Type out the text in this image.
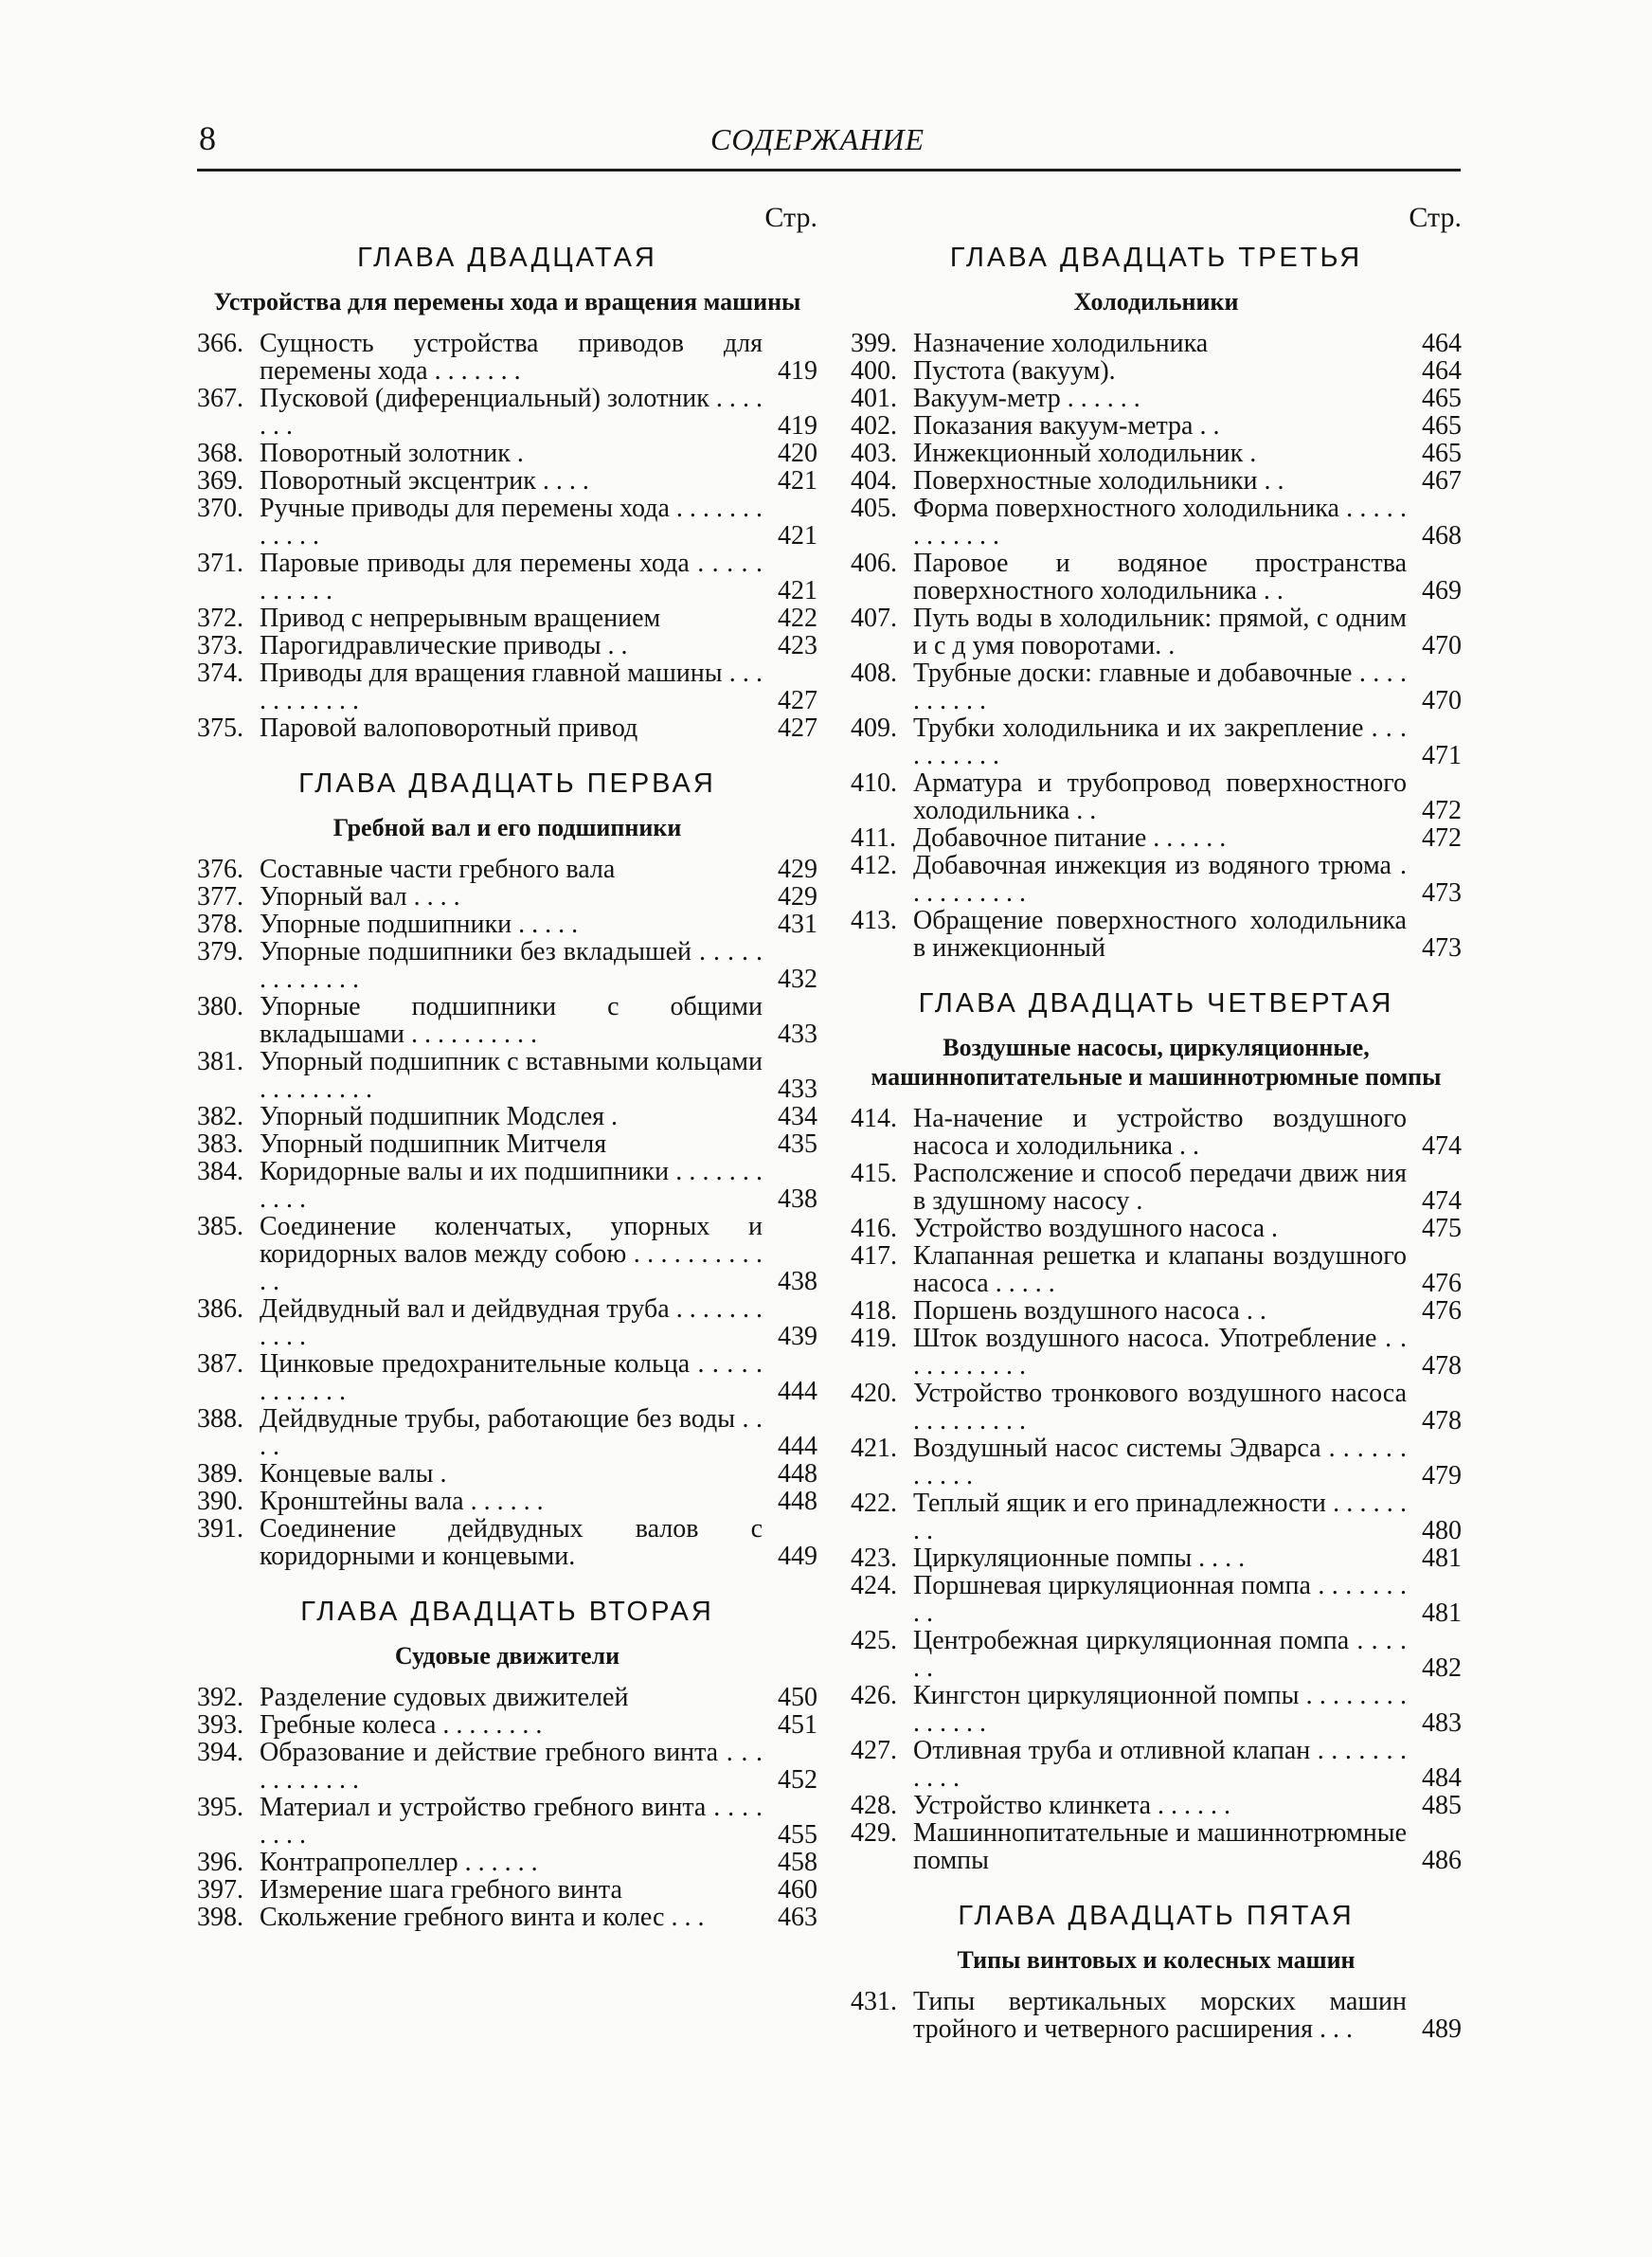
8	СОДЕРЖАНИЕ
Стр.
ГЛАВА ДВАДЦАТАЯ
Устройства для перемены хода и вращения машины
366. Сущность устройства приводов для перемены хода . . . . . . .	419
367. Пусковой (диференциальный) золотник . . . . . . .	419
368. Поворотный золотник .	420
369. Поворотный эксцентрик . . . .	421
370. Ручные приводы для перемены хода . . . . . . . . . . . .	421
371. Паровые приводы для перемены хода . . . . . . . . . . .	421
372. Привод с непрерывным вращением	422
373. Парогидравлические приводы . .	423
374. Приводы для вращения главной машины . . . . . . . . . . .	427
375. Паровой валоповоротный привод	427
ГЛАВА ДВАДЦАТЬ ПЕРВАЯ
Гребной вал и его подшипники
376. Составные части гребного вала	429
377. Упорный вал . . . .	429
378. Упорные подшипники . . . . .	431
379. Упорные подшипники без вкладышей . . . . . . . . . . . . .	432
380. Упорные подшипники с общими вкладышами . . . . . . . . . .	433
381. Упорный подшипник с вставными кольцами . . . . . . . . .	433
382. Упорный подшипник Модслея .	434
383. Упорный подшипник Митчеля	435
384. Коридорные валы и их подшипники . . . . . . . . . . .	438
385. Соединение коленчатых, упорных и коридорных валов между собою . . . . . . . . . . . .	438
386. Дейдвудный вал и дейдвудная труба . . . . . . . . . . .	439
387. Цинковые предохранительные кольца . . . . . . . . . . . .	444
388. Дейдвудные трубы, работающие без воды . . . .	444
389. Концевые валы .	448
390. Кронштейны вала . . . . . .	448
391. Соединение дейдвудных валов с коридорными и концевыми.	449
ГЛАВА ДВАДЦАТЬ ВТОРАЯ
Судовые движители
392. Разделение судовых движителей	450
393. Гребные колеса . . . . . . . .	451
394. Образование и действие гребного винта . . . . . . . . . . .	452
395. Материал и устройство гребного винта . . . . . . . .	455
396. Контрапропеллер . . . . . .	458
397. Измерение шага гребного винта	460
398. Скольжение гребного винта и колес . . .	463
Стр.
ГЛАВА ДВАДЦАТЬ ТРЕТЬЯ
Холодильники
399. Назначение холодильника	464
400. Пустота (вакуум).	464
401. Вакуум-метр . . . . . .	465
402. Показания вакуум-метра . .	465
403. Инжекционный холодильник .	465
404. Поверхностные холодильники . .	467
405. Форма поверхностного холодильника . . . . . . . . . . . .	468
406. Паровое и водяное пространства поверхностного холодильника . .	469
407. Путь воды в холодильник: прямой, с одним и с д умя поворотами. .	470
408. Трубные доски: главные и добавочные . . . . . . . . . .	470
409. Трубки холодильника и их закрепление . . . . . . . . . .	471
410. Арматура и трубопровод поверхностного холодильника . .	472
411. Добавочное питание . . . . . .	472
412. Добавочная инжекция из водяного трюма . . . . . . . . . .	473
413. Обращение поверхностного холодильника в инжекционный	473
ГЛАВА ДВАДЦАТЬ ЧЕТВЕРТАЯ
Воздушные насосы, циркуляционные, машиннопитательные и машиннотрюмные помпы
414. На-начение и устройство воздушного насоса и холодильника . .	474
415. Располсжение и способ передачи движ ния в здушному насосу .	474
416. Устройство воздушного насоса .	475
417. Клапанная решетка и клапаны воздушного насоса . . . . .	476
418. Поршень воздушного насоса . .	476
419. Шток воздушного насоса. Употребление . . . . . . . . . . .	478
420. Устройство тронкового воздушного насоса . . . . . . . . .	478
421. Воздушный насос системы Эдварса . . . . . . . . . . .	479
422. Теплый ящик и его принадлежности . . . . . . . .	480
423. Циркуляционные помпы . . . .	481
424. Поршневая циркуляционная помпа . . . . . . . . .	481
425. Центробежная циркуляционная помпа . . . . . .	482
426. Кингстон циркуляционной помпы . . . . . . . . . . . . . .	483
427. Отливная труба и отливной клапан . . . . . . . . . . .	484
428. Устройство клинкета . . . . . .	485
429. Машиннопитательные и машиннотрюмные помпы	486
ГЛАВА ДВАДЦАТЬ ПЯТАЯ
Типы винтовых и колесных машин
431. Типы вертикальных морских машин тройного и четверного расширения . . .	489
